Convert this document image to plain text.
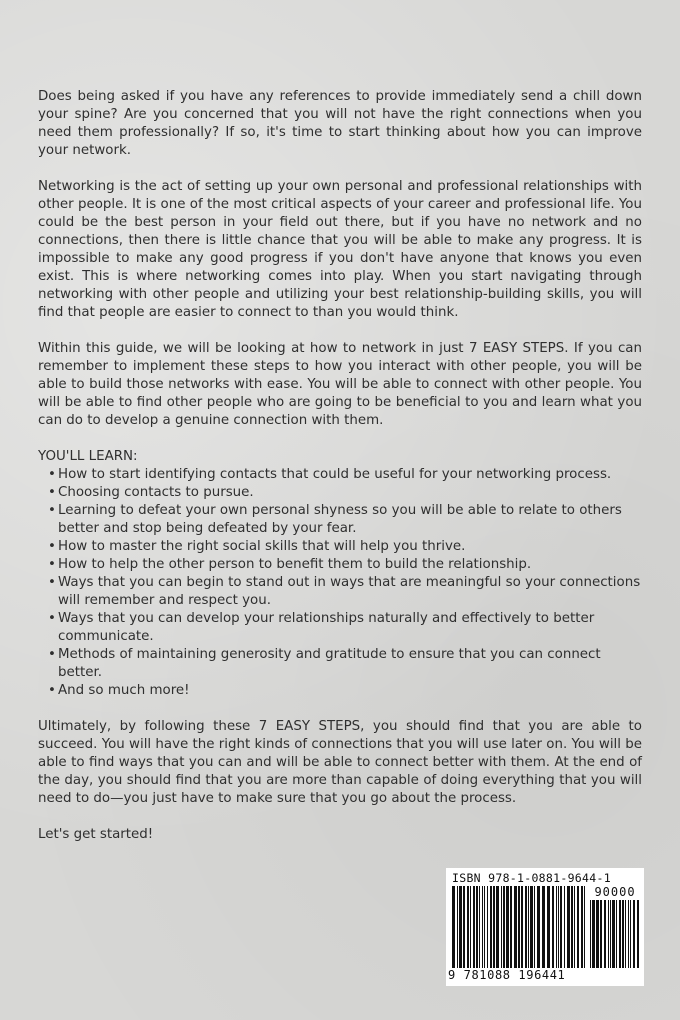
Does being asked if you have any references to provide immediately send a chill down your spine? Are you concerned that you will not have the right connections when you need them professionally? If so, it's time to start thinking about how you can improve your network.

Networking is the act of setting up your own personal and professional relationships with other people. It is one of the most critical aspects of your career and professional life. You could be the best person in your field out there, but if you have no network and no connections, then there is little chance that you will be able to make any progress. It is impossible to make any good progress if you don't have anyone that knows you even exist. This is where networking comes into play. When you start navigating through networking with other people and utilizing your best relationship-building skills, you will find that people are easier to connect to than you would think.

Within this guide, we will be looking at how to network in just 7 EASY STEPS. If you can remember to implement these steps to how you interact with other people, you will be able to build those networks with ease. You will be able to connect with other people. You will be able to find other people who are going to be beneficial to you and learn what you can do to develop a genuine connection with them.

YOU'LL LEARN:

• How to start identifying contacts that could be useful for your networking process.
• Choosing contacts to pursue.
• Learning to defeat your own personal shyness so you will be able to relate to others better and stop being defeated by your fear.
• How to master the right social skills that will help you thrive.
• How to help the other person to benefit them to build the relationship.
• Ways that you can begin to stand out in ways that are meaningful so your connections will remember and respect you.
• Ways that you can develop your relationships naturally and effectively to better communicate.
• Methods of maintaining generosity and gratitude to ensure that you can connect better.
• And so much more!

Ultimately, by following these 7 EASY STEPS, you should find that you are able to succeed. You will have the right kinds of connections that you will use later on. You will be able to find ways that you can and will be able to connect better with them. At the end of the day, you should find that you are more than capable of doing everything that you will need to do—you just have to make sure that you go about the process.

Let's get started!

ISBN 978-1-0881-9644-1
90000
9 781088 196441
